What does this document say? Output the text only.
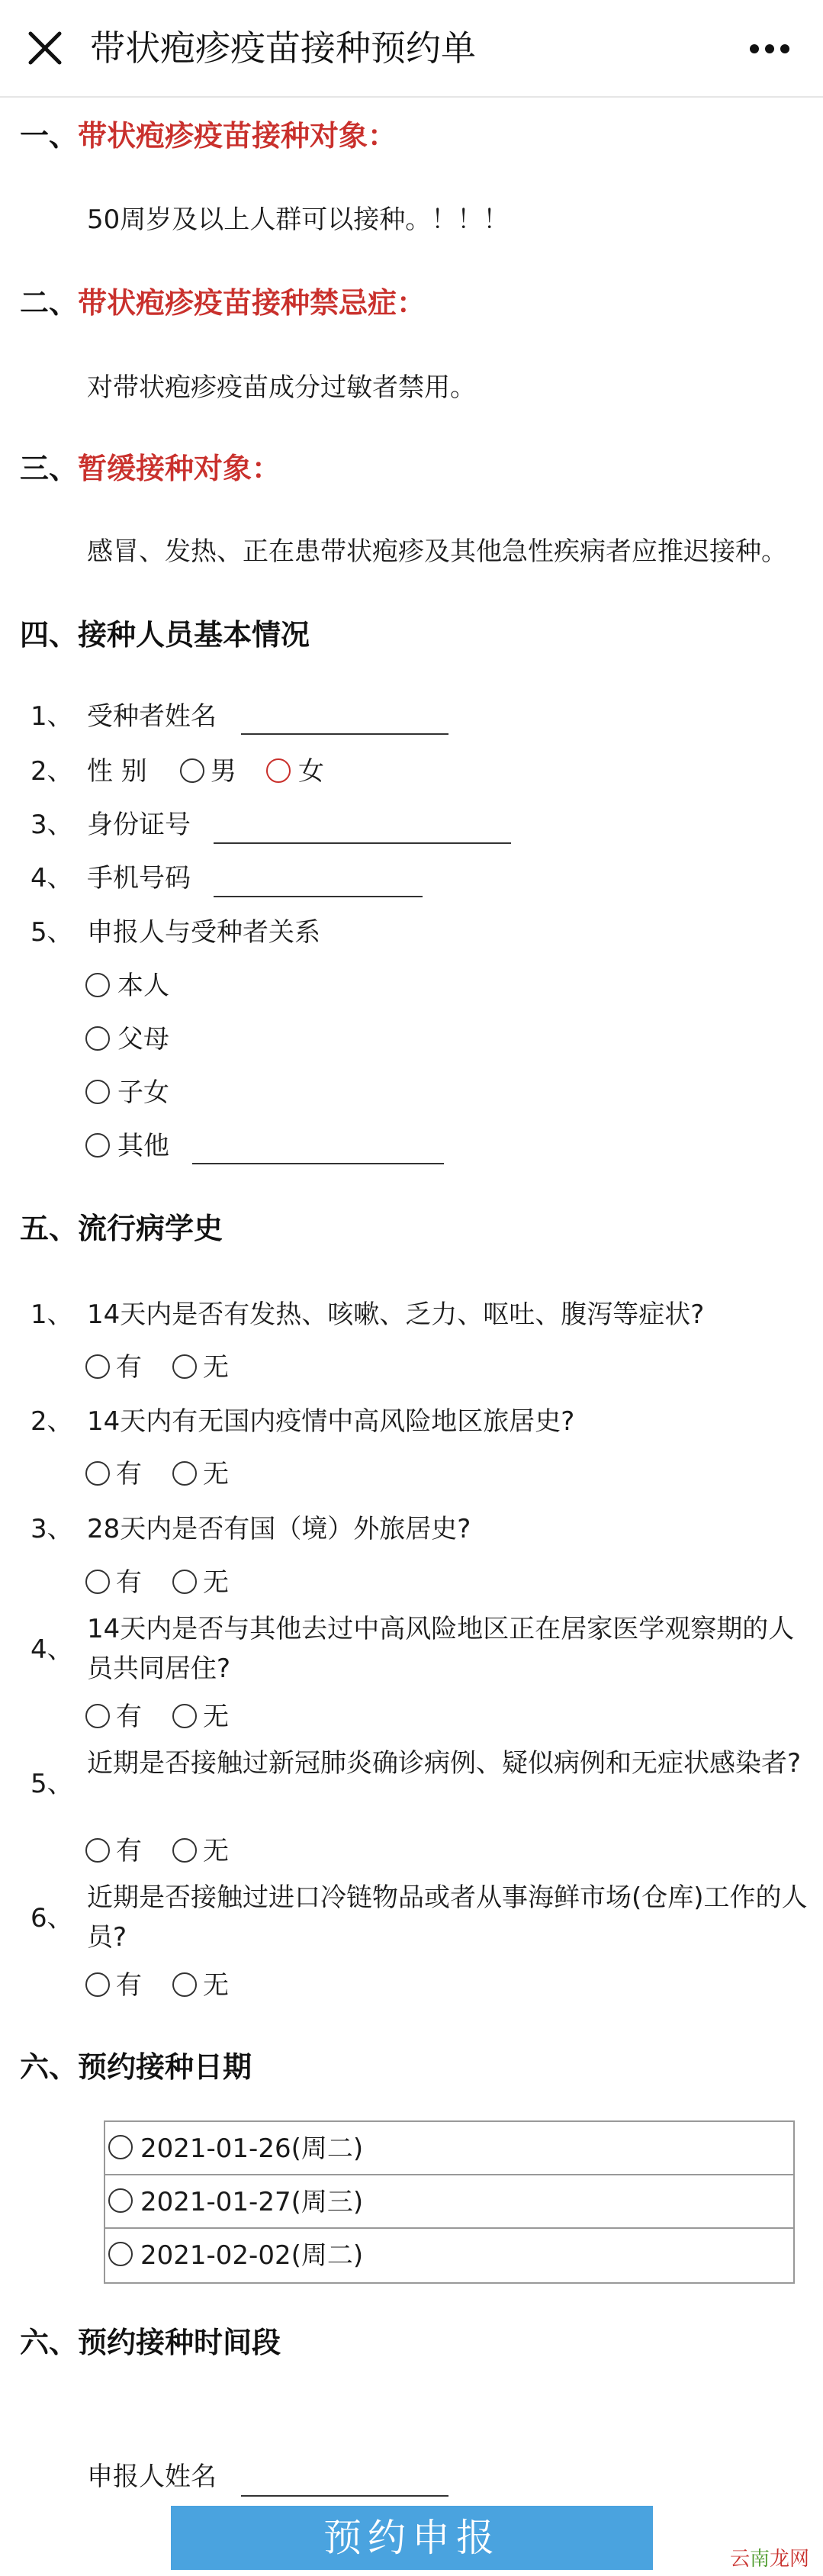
带状疱疹疫苗接种预约单
一、带状疱疹疫苗接种对象：
50周岁及以上人群可以接种。！！！
二、带状疱疹疫苗接种禁忌症：
对带状疱疹疫苗成分过敏者禁用。
三、暂缓接种对象：
感冒、发热、正在患带状疱疹及其他急性疾病者应推迟接种。
四、接种人员基本情况
1、 受种者姓名
2、 性 别 男 女
3、 身份证号
4、 手机号码
5、 申报人与受种者关系
本人
父母
子女
其他
五、流行病学史
1、 14天内是否有发热、咳嗽、乏力、呕吐、腹泻等症状?
有 无
2、 14天内有无国内疫情中高风险地区旅居史?
有 无
3、 28天内是否有国（境）外旅居史?
有 无
4、
14天内是否与其他去过中高风险地区正在居家医学观察期的人员共同居住?
有 无
5、
近期是否接触过新冠肺炎确诊病例、疑似病例和无症状感染者?
有 无
6、
近期是否接触过进口冷链物品或者从事海鲜市场(仓库)工作的人员?
有 无
六、预约接种日期
2021-01-26(周二)
2021-01-27(周三)
2021-02-02(周二)
六、预约接种时间段
申报人姓名
预约申报	云南龙网
